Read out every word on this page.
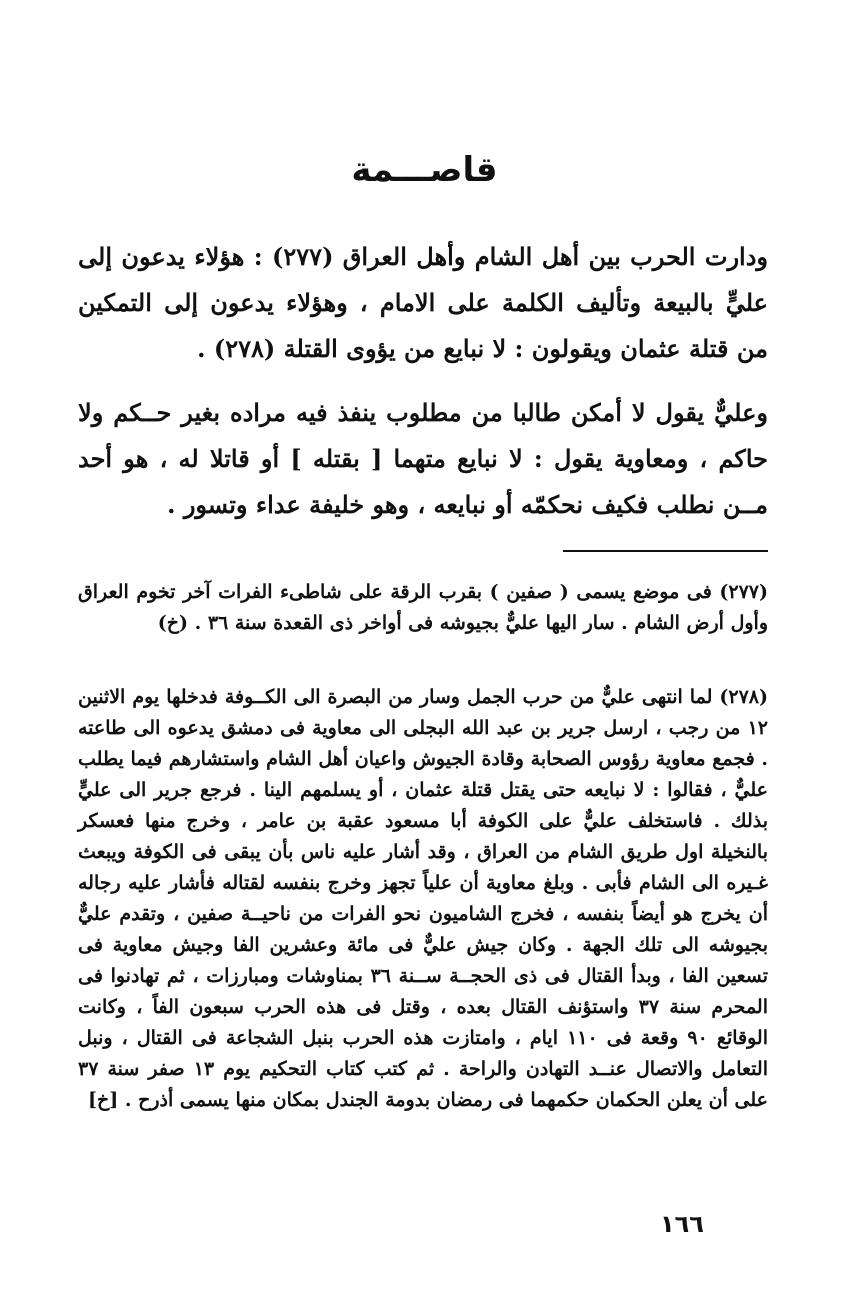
قاصـــمة

ودارت الحرب بين أهل الشام وأهل العراق (٢٧٧) : هؤلاء يدعون إلى عليٍّ بالبيعة وتأليف الكلمة على الامام ، وهؤلاء يدعون إلى التمكين من قتلة عثمان ويقولون : لا نبايع من يؤوى القتلة (٢٧٨) .

وعليٌّ يقول لا أمكن طالبا من مطلوب ينفذ فيه مراده بغير حــكم ولا حاكم ، ومعاوية يقول : لا نبايع متهما [ بقتله ] أو قاتلا له ، هو أحد مــن نطلب فكيف نحكمّه أو نبايعه ، وهو خليفة عداء وتسور .

(٢٧٧) فى موضع يسمى ( صفين ) بقرب الرقة على شاطىء الفرات آخر تخوم العراق وأول أرض الشام . سار اليها عليٌّ بجيوشه فى أواخر ذى القعدة سنة ٣٦ . (خ)

(٢٧٨) لما انتهى عليٌّ من حرب الجمل وسار من البصرة الى الكــوفة فدخلها يوم الاثنين ١٢ من رجب ، ارسل جرير بن عبد الله البجلى الى معاوية فى دمشق يدعوه الى طاعته . فجمع معاوية رؤوس الصحابة وقادة الجيوش واعيان أهل الشام واستشارهم فيما يطلب عليٌّ ، فقالوا : لا نبايعه حتى يقتل قتلة عثمان ، أو يسلمهم الينا . فرجع جرير الى عليٍّ بذلك . فاستخلف عليٌّ على الكوفة أبا مسعود عقبة بن عامر ، وخرج منها فعسكر بالنخيلة اول طريق الشام من العراق ، وقد أشار عليه ناس بأن يبقى فى الكوفة ويبعث غـيره الى الشام فأبى . وبلغ معاوية أن علياً تجهز وخرج بنفسه لقتاله فأشار عليه رجاله أن يخرج هو أيضاً بنفسه ، فخرج الشاميون نحو الفرات من ناحيــة صفين ، وتقدم عليٌّ بجيوشه الى تلك الجهة . وكان جيش عليٌّ فى مائة وعشرين الفا وجيش معاوية فى تسعين الفا ، وبدأ القتال فى ذى الحجــة ســنة ٣٦ بمناوشات ومبارزات ، ثم تهادنوا فى المحرم سنة ٣٧ واستؤنف القتال بعده ، وقتل فى هذه الحرب سبعون الفاً ، وكانت الوقائع ٩٠ وقعة فى ١١٠ ايام ، وامتازت هذه الحرب بنبل الشجاعة فى القتال ، ونبل التعامل والاتصال عنــد التهادن والراحة . ثم كتب كتاب التحكيم يوم ١٣ صفر سنة ٣٧ على أن يعلن الحكمان حكمهما فى رمضان بدومة الجندل بمكان منها يسمى أذرح . [خ]

١٦٦
